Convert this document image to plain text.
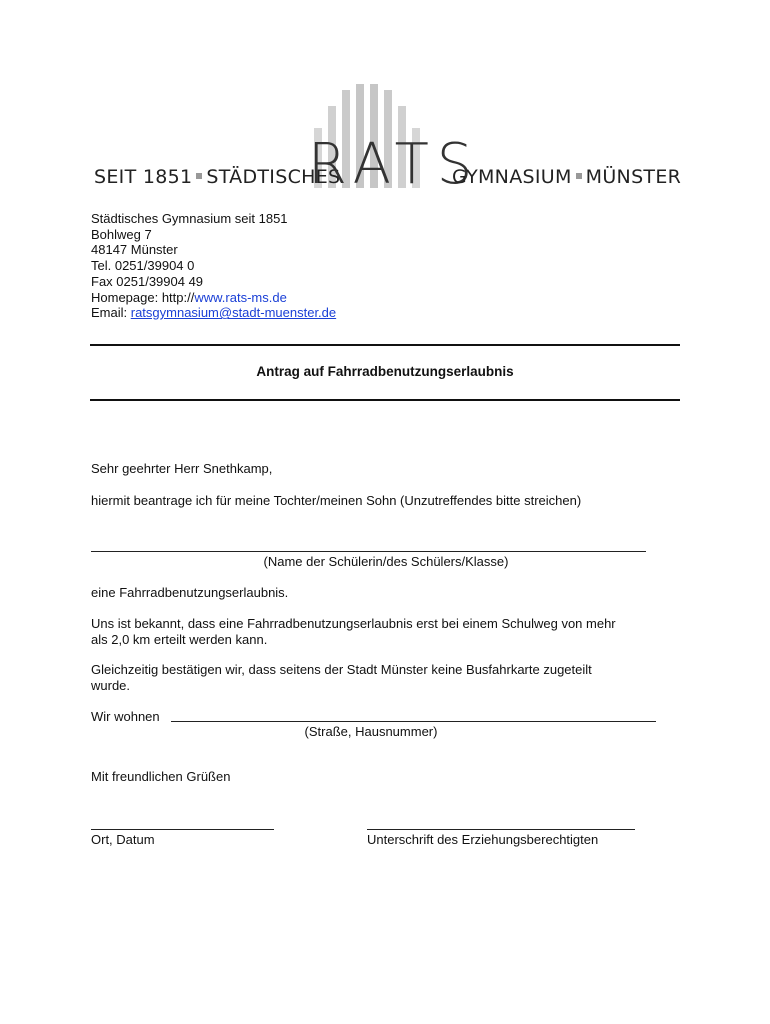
SEIT 1851 STÄDTISCHES
RATS
GYMNASIUM MÜNSTER
Städtisches Gymnasium seit 1851
Bohlweg 7
48147 Münster
Tel. 0251/39904 0
Fax 0251/39904 49
Homepage: http://www.rats-ms.de
Email: ratsgymnasium@stadt-muenster.de
Antrag auf Fahrradbenutzungserlaubnis
Sehr geehrter Herr Snethkamp,
hiermit beantrage ich für meine Tochter/meinen Sohn (Unzutreffendes bitte streichen)
(Name der Schülerin/des Schülers/Klasse)
eine Fahrradbenutzungserlaubnis.
Uns ist bekannt, dass eine Fahrradbenutzungserlaubnis erst bei einem Schulweg von mehr
als 2,0 km erteilt werden kann.
Gleichzeitig bestätigen wir, dass seitens der Stadt Münster keine Busfahrkarte zugeteilt
wurde.
Wir wohnen
(Straße, Hausnummer)
Mit freundlichen Grüßen
Ort, Datum	Unterschrift des Erziehungsberechtigten
